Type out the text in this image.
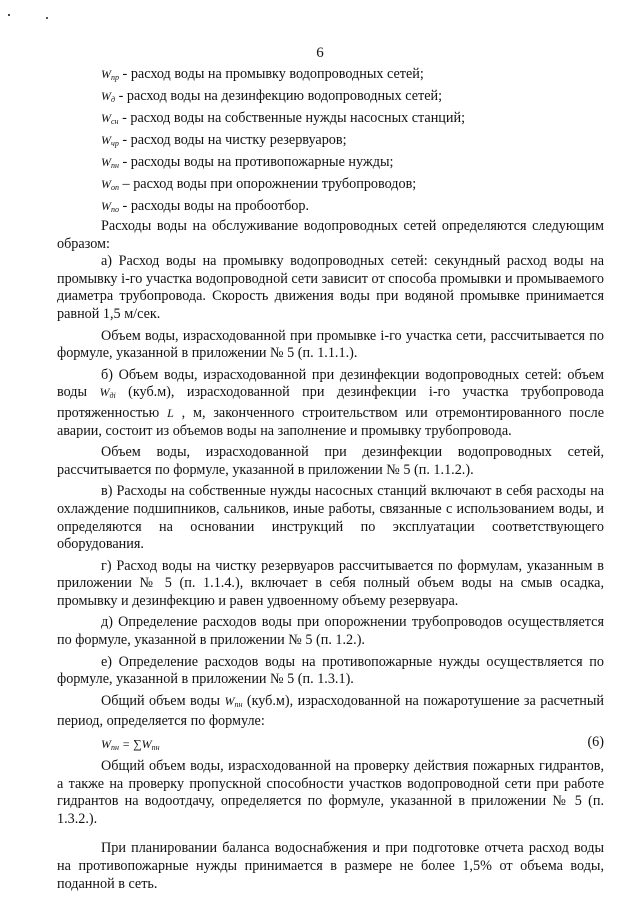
6
$W_{пр}$ - расход воды на промывку водопроводных сетей;
$W_д$ - расход воды на дезинфекцию водопроводных сетей;
$W_{сн}$ - расход воды на собственные нужды насосных станций;
$W_{чр}$ - расход воды на чистку резервуаров;
$W_{пн}$ - расходы воды на противопожарные нужды;
$W_{оп}$ – расход воды при опорожнении трубопроводов;
$W_{по}$ - расходы воды на пробоотбор.

Расходы воды на обслуживание водопроводных сетей определяются следующим образом:

а) Расход воды на промывку водопроводных сетей: секундный расход воды на промывку i-го участка водопроводной сети зависит от способа промывки и промываемого диаметра трубопровода. Скорость движения воды при водяной промывке принимается равной 1,5 м/сек.

Объем воды, израсходованной при промывке i-го участка сети, рассчитывается по формуле, указанной в приложении № 5 (п. 1.1.1.).

б) Объем воды, израсходованной при дезинфекции водопроводных сетей: объем воды $W_{дi}$ (куб.м), израсходованной при дезинфекции i-го участка трубопровода протяженностью L , м, законченного строительством или отремонтированного после аварии, состоит из объемов воды на заполнение и промывку трубопровода.

Объем воды, израсходованной при дезинфекции водопроводных сетей, рассчитывается по формуле, указанной в приложении № 5 (п. 1.1.2.).

в) Расходы на собственные нужды насосных станций включают в себя расходы на охлаждение подшипников, сальников, иные работы, связанные с использованием воды, и определяются на основании инструкций по эксплуатации соответствующего оборудования.

г) Расход воды на чистку резервуаров рассчитывается по формулам, указанным в приложении № 5 (п. 1.1.4.), включает в себя полный объем воды на смыв осадка, промывку и дезинфекцию и равен удвоенному объему резервуара.

д) Определение расходов воды при опорожнении трубопроводов осуществляется по формуле, указанной в приложении № 5 (п. 1.2.).

е) Определение расходов воды на противопожарные нужды осуществляется по формуле, указанной в приложении № 5 (п. 1.3.1).

Общий объем воды $W_{пн}$ (куб.м), израсходованной на пожаротушение за расчетный период, определяется по формуле:

$W_{пн} = \sum W_{пн}$	(6)

Общий объем воды, израсходованной на проверку действия пожарных гидрантов, а также на проверку пропускной способности участков водопроводной сети при работе гидрантов на водоотдачу, определяется по формуле, указанной в приложении № 5 (п. 1.3.2.).

При планировании баланса водоснабжения и при подготовке отчета расход воды на противопожарные нужды принимается в размере не более 1,5% от объема воды, поданной в сеть.
